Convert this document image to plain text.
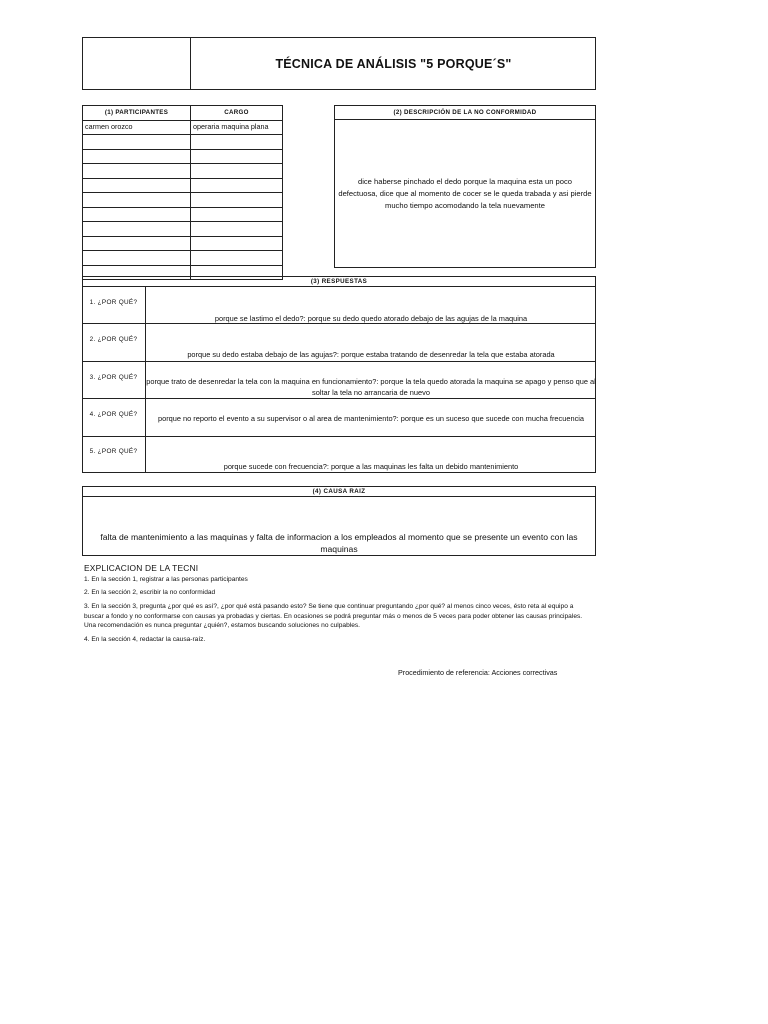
TÉCNICA DE ANÁLISIS "5 PORQUE´S"
(1) PARTICIPANTES	CARGO
carmen orozco	operaria maquina plana

(2) DESCRIPCIÓN DE LA NO CONFORMIDAD
dice haberse pinchado el dedo porque la maquina esta un poco defectuosa, dice que al momento de cocer se le queda trabada y asi pierde mucho tiempo acomodando la tela nuevamente
(3) RESPUESTAS
1. ¿POR QUÉ?
porque se lastimo el dedo?: porque su dedo quedo atorado debajo de las agujas de la maquina
2. ¿POR QUÉ?
porque su dedo estaba debajo de las agujas?: porque estaba tratando de desenredar la tela que estaba atorada
3. ¿POR QUÉ?	porque trato de desenredar la tela con la maquina en funcionamiento?: porque la tela quedo atorada la maquina se apago y penso que al soltar la tela no arrancaria de nuevo
4. ¿POR QUÉ?	porque no reporto el evento a su supervisor o al area de mantenimiento?: porque es un suceso que sucede con mucha frecuencia
5. ¿POR QUÉ?
porque sucede con frecuencia?: porque a las maquinas les falta un debido mantenimiento
(4) CAUSA RAIZ
falta de mantenimiento a las maquinas y falta de informacion a los empleados al momento que se presente un evento con las maquinas
EXPLICACION DE LA TECNI
1. En la sección 1, registrar a las personas participantes
2. En la sección 2, escribir la no conformidad
3. En la sección 3, pregunta ¿por qué es así?, ¿por qué está pasando esto? Se tiene que continuar preguntando ¿por qué? al menos cinco veces, ésto reta al equipo a buscar a fondo y no conformarse con causas ya probadas y ciertas. En ocasiones se podrá preguntar más o menos de 5 veces para poder obtener las causas principales. Una recomendación es nunca preguntar ¿quién?, estamos buscando soluciones no culpables.
4. En la sección 4, redactar la causa-raíz.
Procedimiento de referencia: Acciones correctivas
